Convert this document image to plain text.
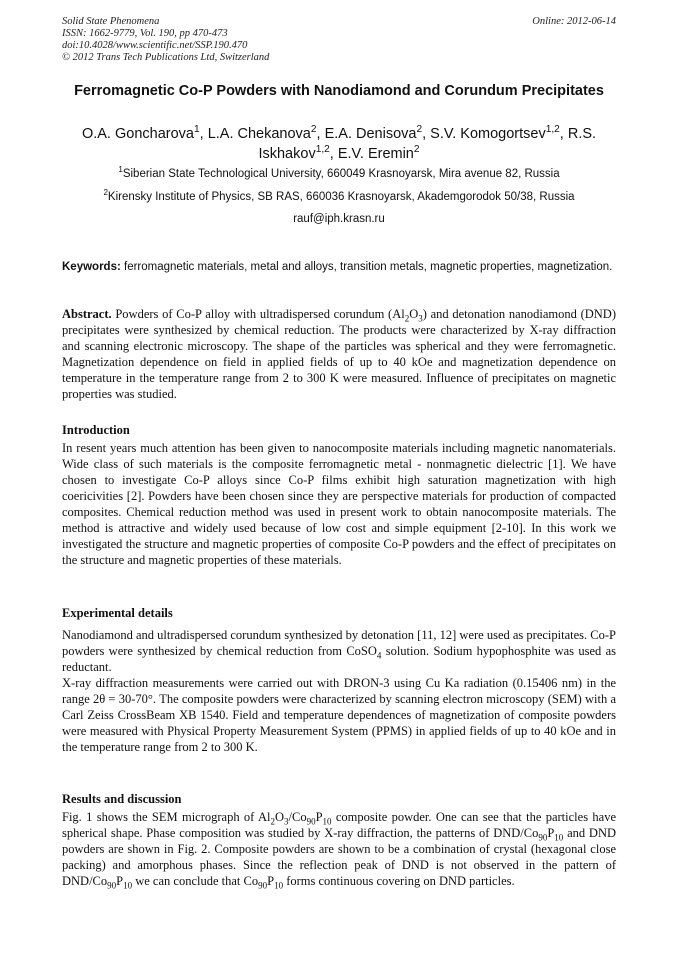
Solid State Phenomena
ISSN: 1662-9779, Vol. 190, pp 470-473
doi:10.4028/www.scientific.net/SSP.190.470
© 2012 Trans Tech Publications Ltd, Switzerland
Online: 2012-06-14
Ferromagnetic Co-P Powders with Nanodiamond and Corundum Precipitates
O.A. Goncharova$^1$, L.A. Chekanova$^2$, E.A. Denisova$^2$, S.V. Komogortsev$^{1,2}$, R.S. Iskhakov$^{1,2}$, E.V. Eremin$^2$
$^1$Siberian State Technological University, 660049 Krasnoyarsk, Mira avenue 82, Russia
$^2$Kirensky Institute of Physics, SB RAS, 660036 Krasnoyarsk, Akademgorodok 50/38, Russia
rauf@iph.krasn.ru
Keywords: ferromagnetic materials, metal and alloys, transition metals, magnetic properties, magnetization.
Abstract. Powders of Co-P alloy with ultradispersed corundum $(Al_2O_3)$ and detonation nanodiamond (DND) precipitates were synthesized by chemical reduction. The products were characterized by X-ray diffraction and scanning electronic microscopy. The shape of the particles was spherical and they were ferromagnetic. Magnetization dependence on field in applied fields of up to 40 kOe and magnetization dependence on temperature in the temperature range from 2 to 300 K were measured. Influence of precipitates on magnetic properties was studied.
Introduction
In resent years much attention has been given to nanocomposite materials including magnetic nanomaterials. Wide class of such materials is the composite ferromagnetic metal - nonmagnetic dielectric [1]. We have chosen to investigate Co-P alloys since Co-P films exhibit high saturation magnetization with high coericivities [2]. Powders have been chosen since they are perspective materials for production of compacted composites. Chemical reduction method was used in present work to obtain nanocomposite materials. The method is attractive and widely used because of low cost and simple equipment [2-10]. In this work we investigated the structure and magnetic properties of composite Co-P powders and the effect of precipitates on the structure and magnetic properties of these materials.
Experimental details
Nanodiamond and ultradispersed corundum synthesized by detonation [11, 12] were used as precipitates. Co-P powders were synthesized by chemical reduction from CoSO$_4$ solution. Sodium hypophosphite was used as reductant.
X-ray diffraction measurements were carried out with DRON-3 using Cu Ka radiation (0.15406 nm) in the range 2θ = 30-70°. The composite powders were characterized by scanning electron microscopy (SEM) with a Carl Zeiss CrossBeam XB 1540. Field and temperature dependences of magnetization of composite powders were measured with Physical Property Measurement System (PPMS) in applied fields of up to 40 kOe and in the temperature range from 2 to 300 K.
Results and discussion
Fig. 1 shows the SEM micrograph of $Al_2O_3/Co_{90}P_{10}$ composite powder. One can see that the particles have spherical shape. Phase composition was studied by X-ray diffraction, the patterns of DND/$Co_{90}P_{10}$ and DND powders are shown in Fig. 2. Composite powders are shown to be a combination of crystal (hexagonal close packing) and amorphous phases. Since the reflection peak of DND is not observed in the pattern of DND/$Co_{90}P_{10}$ we can conclude that $Co_{90}P_{10}$ forms continuous covering on DND particles.
